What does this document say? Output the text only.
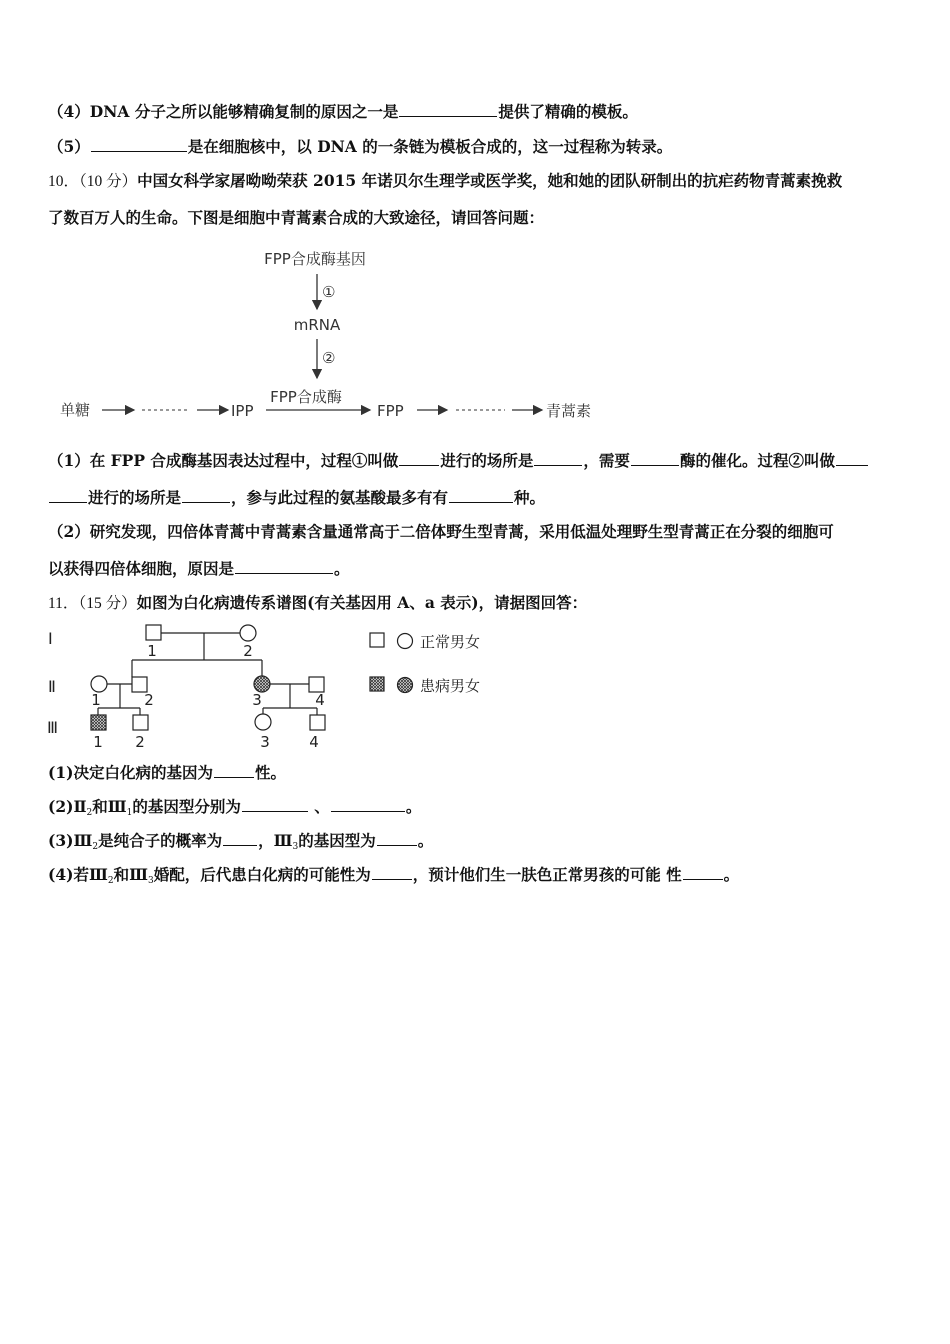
（4）DNA 分子之所以能够精确复制的原因之一是	提供了精确的模板。
（5）	是在细胞核中，以 DNA 的一条链为模板合成的，这一过程称为转录。
10．（10 分）中国女科学家屠呦呦荣获 2015 年诺贝尔生理学或医学奖，她和她的团队研制出的抗疟药物青蒿素挽救
了数百万人的生命。下图是细胞中青蒿素合成的大致途径，请回答问题：
FPP合成酶基因
①
mRNA
②
FPP合成酶
单糖	IPP	FPP	青蒿素
（1）在 FPP 合成酶基因表达过程中，过程①叫做	进行的场所是	，需要	酶的催化。过程②叫做
进行的场所是	，参与此过程的氨基酸最多有有	种。
（2）研究发现，四倍体青蒿中青蒿素含量通常高于二倍体野生型青蒿，采用低温处理野生型青蒿正在分裂的细胞可
以获得四倍体细胞，原因是	。
11．（15 分）如图为白化病遗传系谱图(有关基因用 A、a 表示)，请据图回答：
Ⅰ
Ⅱ
Ⅲ
1	2
1	2	3	4
1 2	3	4
正常男女
患病男女
(1)决定白化病的基因为	性。
$(2)Ⅱ_2$和$Ⅲ_1$的基因型分别为	、	。
$(3)Ⅲ_2$是纯合子的概率为 ，$Ⅲ_3$的基因型为	。
(4)若$Ⅲ_2$和$Ⅲ_3$婚配，后代患白化病的可能性为	，预计他们生一肤色正常男孩的可能 性	。
